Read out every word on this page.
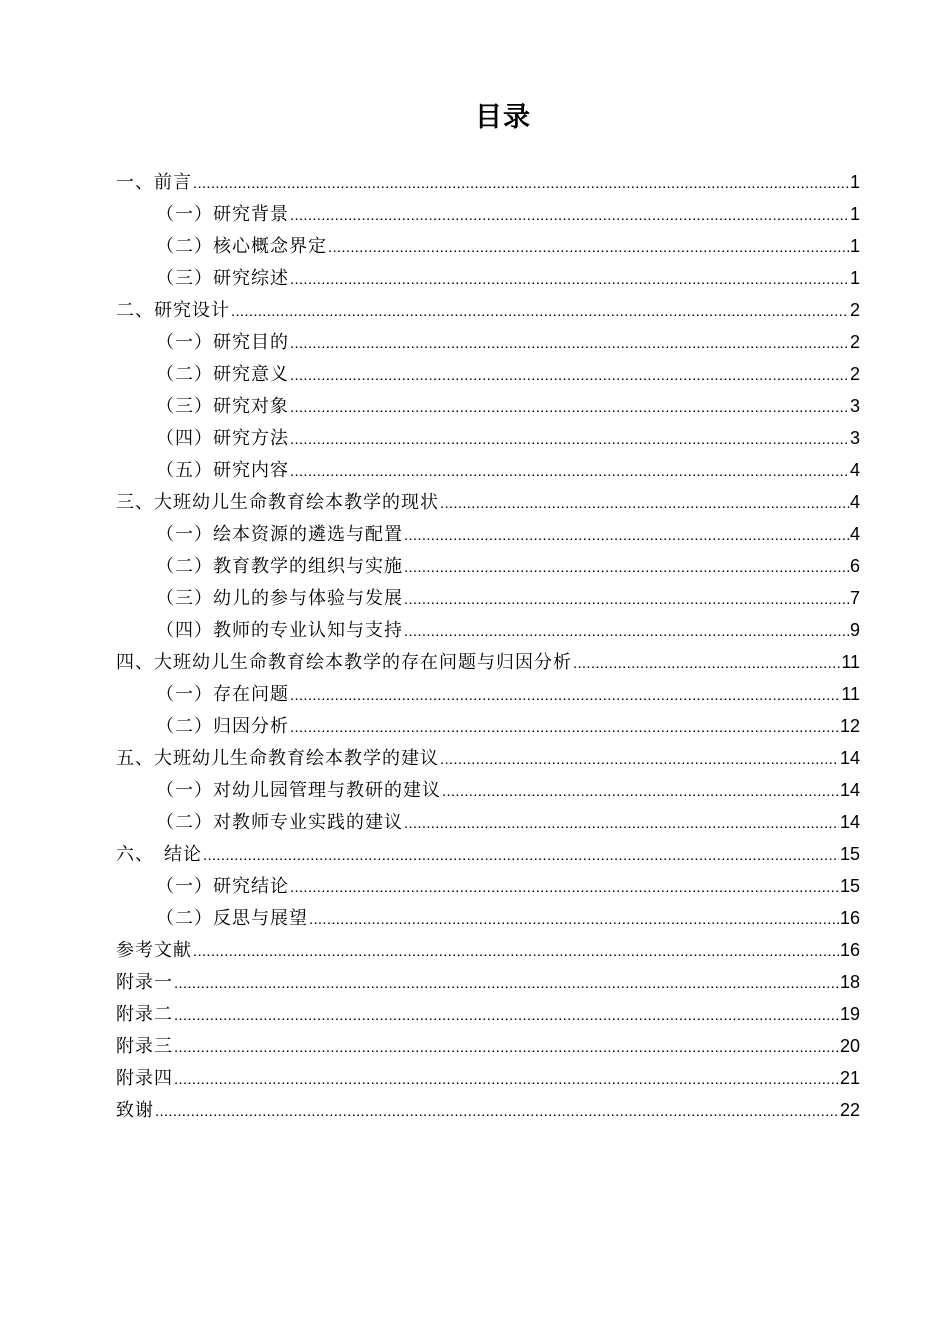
目录
一、前言 .....	1
（一）研究背景 .....	1
（二）核心概念界定 .....	1
（三）研究综述 .....	1
二、研究设计 .....	2
（一）研究目的 .....	2
（二）研究意义 .....	2
（三）研究对象 .....	3
（四）研究方法 .....	3
（五）研究内容 .....	4
三、大班幼儿生命教育绘本教学的现状 .....	4
（一）绘本资源的遴选与配置 .....	4
（二）教育教学的组织与实施 .....	6
（三）幼儿的参与体验与发展 .....	7
（四）教师的专业认知与支持 .....	9
四、大班幼儿生命教育绘本教学的存在问题与归因分析 .....	11
（一）存在问题 .....	11
（二）归因分析 .....	12
五、大班幼儿生命教育绘本教学的建议 .....	14
（一）对幼儿园管理与教研的建议 .....	14
（二）对教师专业实践的建议 .....	14
六、　结论 .....	15
（一）研究结论 .....	15
（二）反思与展望 .....	16
参考文献 .....	16
附录一 .....	18
附录二 .....	19
附录三 .....	20
附录四 .....	21
致谢 .....	22
